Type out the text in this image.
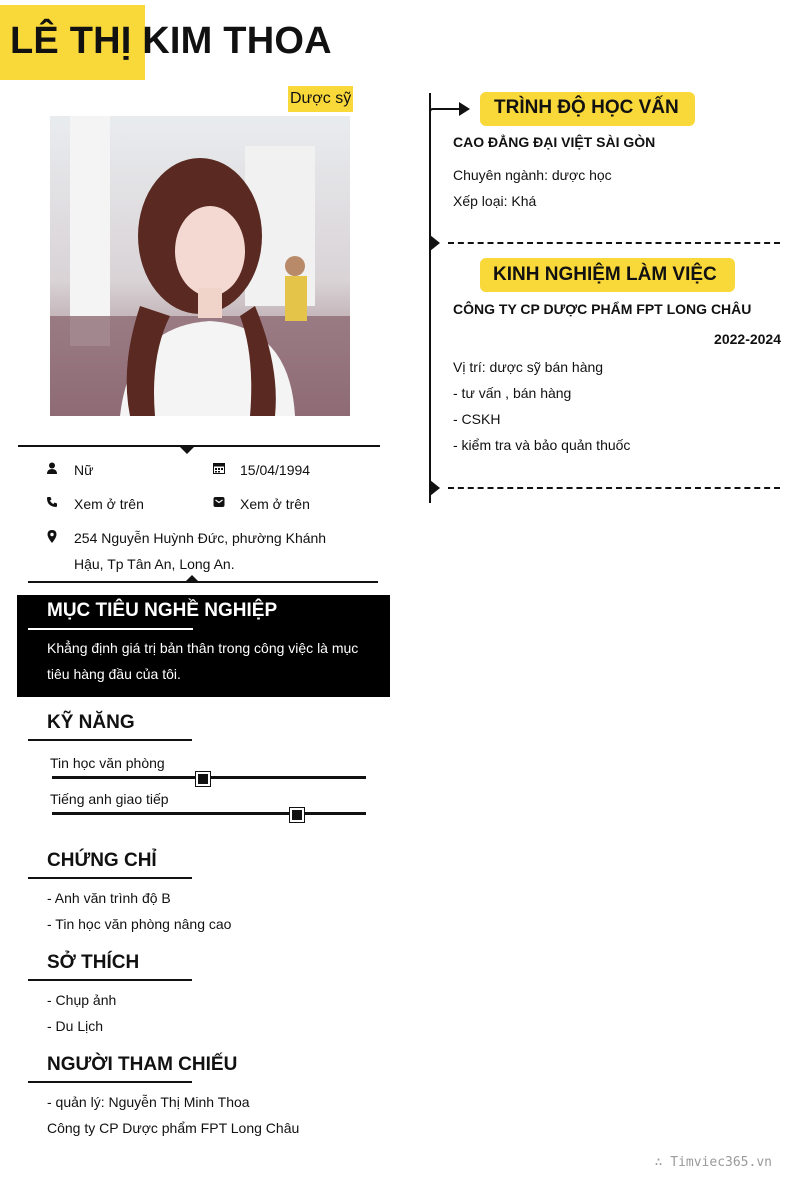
LÊ THỊ KIM THOA
Dược sỹ
Nữ	15/04/1994
Xem ở trên	Xem ở trên
254 Nguyễn Huỳnh Đức, phường Khánh
Hậu, Tp Tân An, Long An.
MỤC TIÊU NGHỀ NGHIỆP
Khẳng định giá trị bản thân trong công việc là mục
tiêu hàng đầu của tôi.
KỸ NĂNG
Tin học văn phòng
Tiếng anh giao tiếp
CHỨNG CHỈ
- Anh văn trình độ B
- Tin học văn phòng nâng cao
SỞ THÍCH
- Chụp ảnh
- Du Lịch
NGƯỜI THAM CHIẾU
- quản lý: Nguyễn Thị Minh Thoa
Công ty CP Dược phẩm FPT Long Châu
TRÌNH ĐỘ HỌC VẤN
CAO ĐẲNG ĐẠI VIỆT SÀI GÒN
Chuyên ngành: dược học
Xếp loại: Khá
KINH NGHIỆM LÀM VIỆC
CÔNG TY CP DƯỢC PHẨM FPT LONG CHÂU
2022-2024
Vị trí: dược sỹ bán hàng
- tư vấn , bán hàng
- CSKH
- kiểm tra và bảo quản thuốc
∴ Timviec365.vn
